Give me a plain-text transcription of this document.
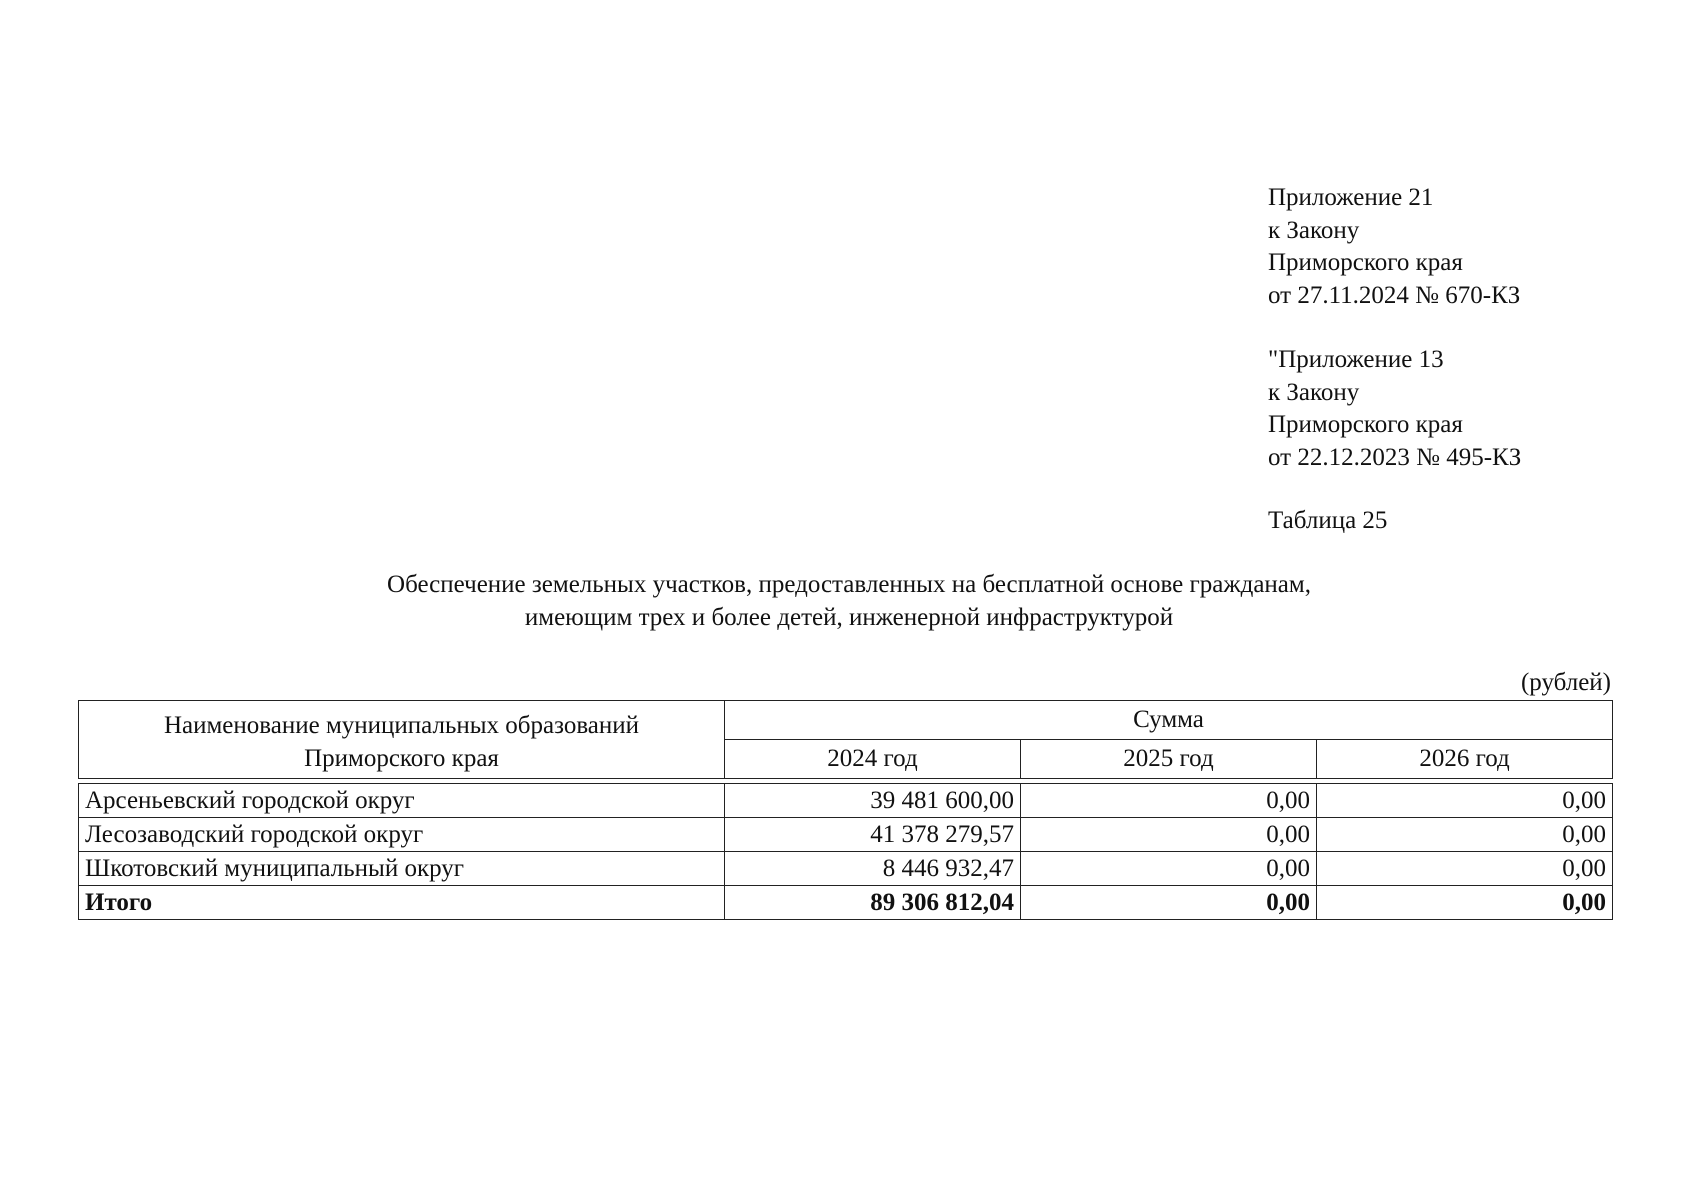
Приложение 21
к Закону
Приморского края
от 27.11.2024 № 670-КЗ
"Приложение 13
к Закону
Приморского края
от 22.12.2023 № 495-КЗ
Таблица 25
Обеспечение земельных участков, предоставленных на бесплатной основе гражданам,
имеющим трех и более детей, инженерной инфраструктурой
(рублей)
Наименование муниципальных образований
Приморского края	Сумма		
	2024 год	2025 год	2026 год

Арсеньевский городской округ	39 481 600,00	0,00	0,00
Лесозаводский городской округ	41 378 279,57	0,00	0,00
Шкотовский муниципальный округ	8 446 932,47	0,00	0,00
Итого	89 306 812,04	0,00	0,00
